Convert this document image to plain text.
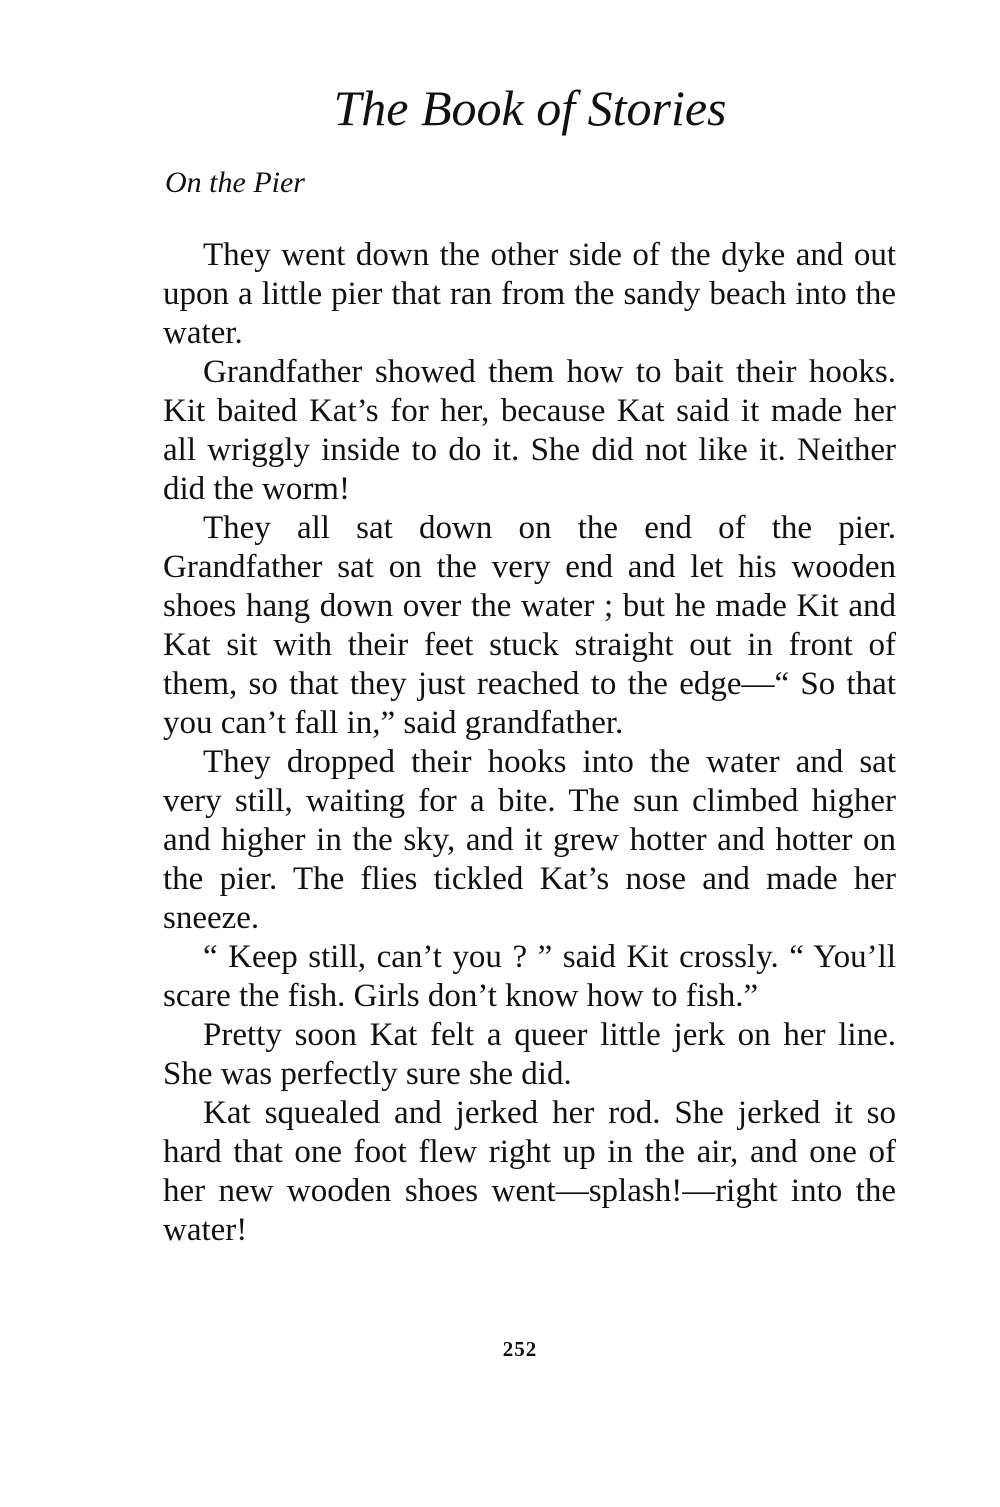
The Book of Stories
On the Pier

They went down the other side of the dyke and out upon a little pier that ran from the sandy beach into the water.

Grandfather showed them how to bait their hooks. Kit baited Kat’s for her, because Kat said it made her all wriggly inside to do it. She did not like it. Neither did the worm!

They all sat down on the end of the pier. Grandfather sat on the very end and let his wooden shoes hang down over the water ; but he made Kit and Kat sit with their feet stuck straight out in front of them, so that they just reached to the edge—“ So that you can’t fall in,” said grandfather.

They dropped their hooks into the water and sat very still, waiting for a bite. The sun climbed higher and higher in the sky, and it grew hotter and hotter on the pier. The flies tickled Kat’s nose and made her sneeze.

“ Keep still, can’t you ? ” said Kit crossly. “ You’ll scare the fish. Girls don’t know how to fish.”

Pretty soon Kat felt a queer little jerk on her line. She was perfectly sure she did.

Kat squealed and jerked her rod. She jerked it so hard that one foot flew right up in the air, and one of her new wooden shoes went—splash!—right into the water!

252
